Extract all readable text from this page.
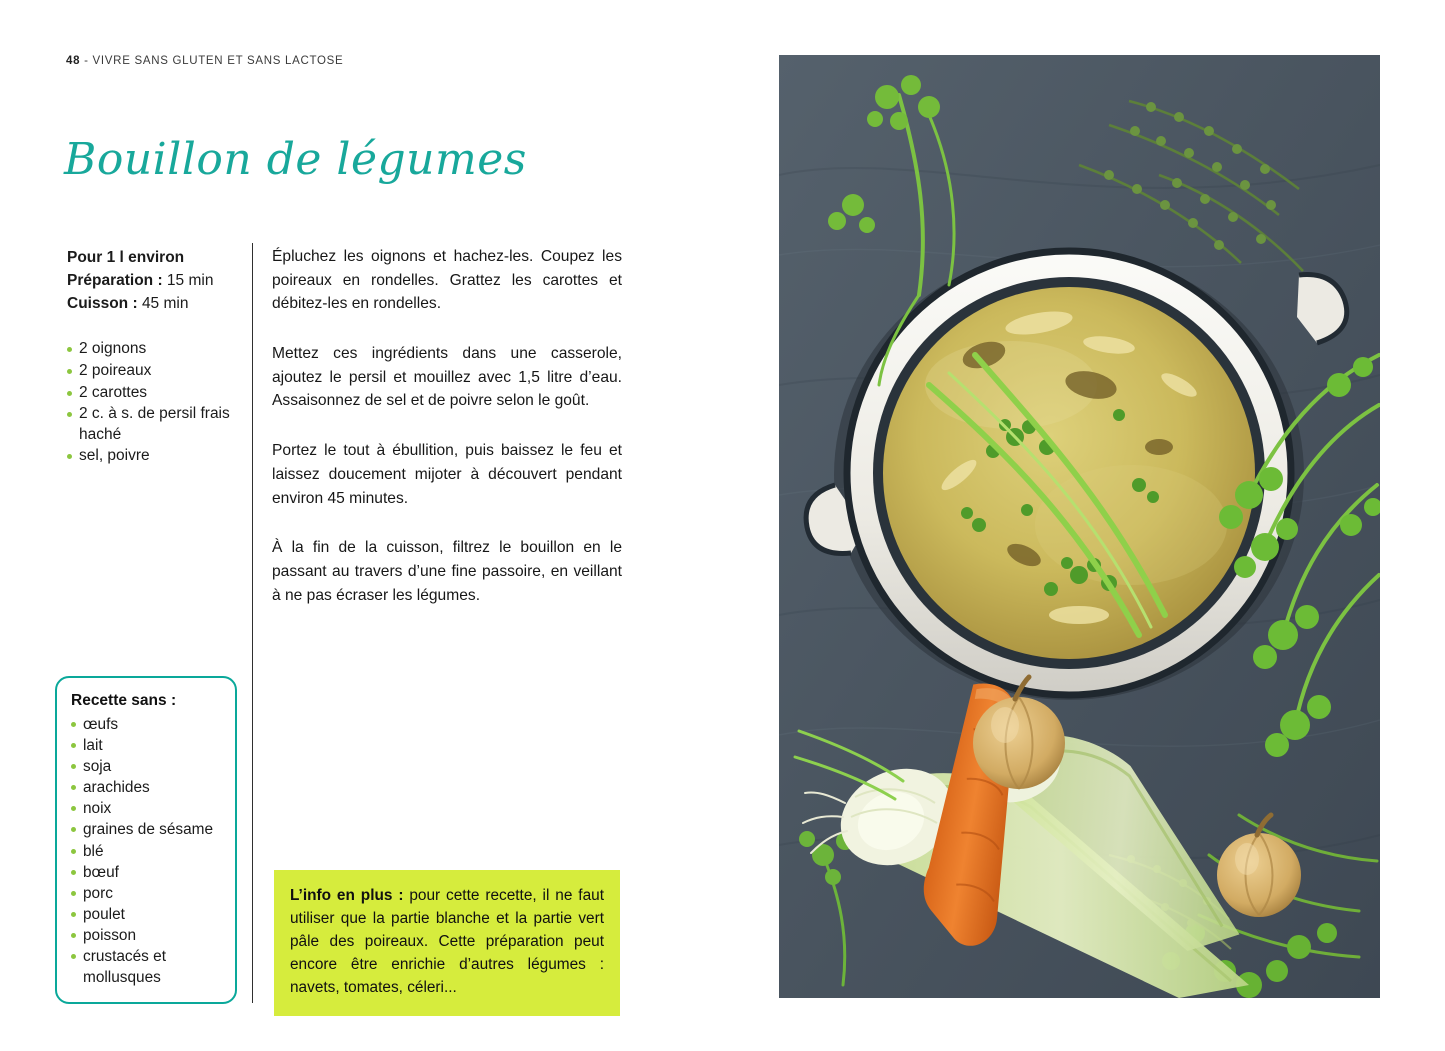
48 - VIVRE SANS GLUTEN ET SANS LACTOSE
Bouillon de légumes
Pour 1 l environ
Préparation : 15 min
Cuisson : 45 min
2 oignons
2 poireaux
2 carottes
2 c. à s. de persil frais haché
sel, poivre

Épluchez les oignons et hachez-les. Coupez les poireaux en rondelles. Grattez les carottes et débitez-les en rondelles.

Mettez ces ingrédients dans une casserole, ajoutez le persil et mouillez avec 1,5 litre d’eau. Assaisonnez de sel et de poivre selon le goût.

Portez le tout à ébullition, puis baissez le feu et laissez doucement mijoter à découvert pendant environ 45 minutes.

À la fin de la cuisson, filtrez le bouillon en le passant au travers d’une fine passoire, en veillant à ne pas écraser les légumes.

Recette sans :
œufs
lait
soja
arachides
noix
graines de sésame
blé
bœuf
porc
poulet
poisson
crustacés et mollusques

L’info en plus : pour cette recette, il ne faut utiliser que la partie blanche et la partie vert pâle des poireaux. Cette préparation peut encore être enrichie d’autres légumes : navets, tomates, céleri...
